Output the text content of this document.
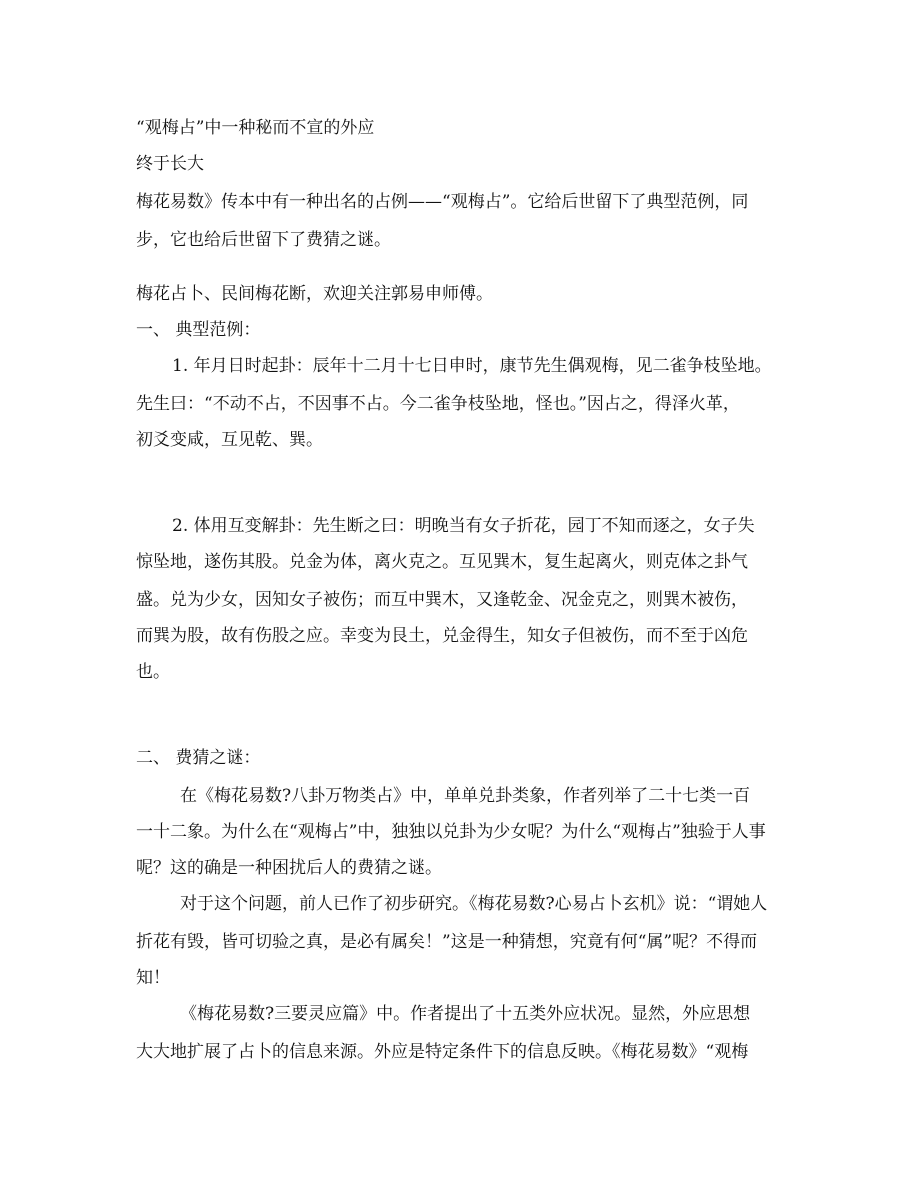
“观梅占”中一种秘而不宣的外应
终于长大
梅花易数》传本中有一种出名的占例——“观梅占”。它给后世留下了典型范例，同
步，它也给后世留下了费猜之谜。
梅花占卜、民间梅花断，欢迎关注郭易申师傅。
一、 典型范例：
1. 年月日时起卦：辰年十二月十七日申时，康节先生偶观梅，见二雀争枝坠地。
先生曰：“不动不占，不因事不占。今二雀争枝坠地，怪也。”因占之，得泽火革，
初爻变咸，互见乾、巽。
2. 体用互变解卦：先生断之曰：明晚当有女子折花，园丁不知而逐之，女子失
惊坠地，遂伤其股。兑金为体，离火克之。互见巽木，复生起离火，则克体之卦气
盛。兑为少女，因知女子被伤；而互中巽木，又逢乾金、况金克之，则巽木被伤，
而巽为股，故有伤股之应。幸变为艮土，兑金得生，知女子但被伤，而不至于凶危
也。
二、 费猜之谜：
在《梅花易数?八卦万物类占》中，单单兑卦类象，作者列举了二十七类一百
一十二象。为什么在“观梅占”中，独独以兑卦为少女呢？为什么“观梅占”独验于人事
呢？这的确是一种困扰后人的费猜之谜。
对于这个问题，前人已作了初步研究。《梅花易数?心易占卜玄机》说：“谓她人
折花有毁，皆可切验之真，是必有属矣！”这是一种猜想，究竟有何“属”呢？不得而
知！
《梅花易数?三要灵应篇》中。作者提出了十五类外应状况。显然，外应思想
大大地扩展了占卜的信息来源。外应是特定条件下的信息反映。《梅花易数》“观梅
